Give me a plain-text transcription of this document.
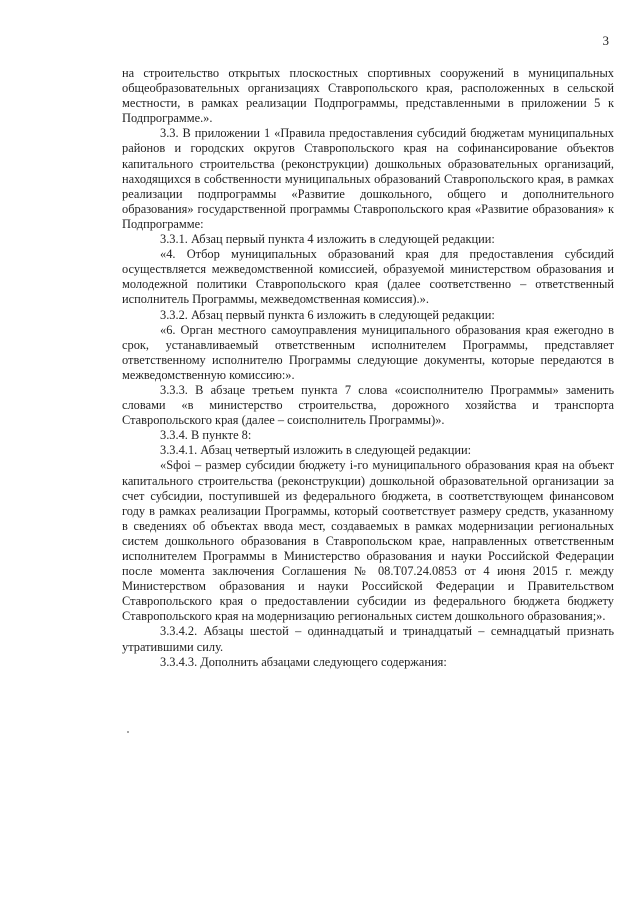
3

на строительство открытых плоскостных спортивных сооружений в муниципальных общеобразовательных организациях Ставропольского края, расположенных в сельской местности, в рамках реализации Подпрограммы, представленными в приложении 5 к Подпрограмме.».

3.3. В приложении 1 «Правила предоставления субсидий бюджетам муниципальных районов и городских округов Ставропольского края на софинансирование объектов капитального строительства (реконструкции) дошкольных образовательных организаций, находящихся в собственности муниципальных образований Ставропольского края, в рамках реализации подпрограммы «Развитие дошкольного, общего и дополнительного образования» государственной программы Ставропольского края «Развитие образования» к Подпрограмме:

3.3.1. Абзац первый пункта 4 изложить в следующей редакции:

«4. Отбор муниципальных образований края для предоставления субсидий осуществляется межведомственной комиссией, образуемой министерством образования и молодежной политики Ставропольского края (далее соответственно – ответственный исполнитель Программы, межведомственная комиссия).».

3.3.2. Абзац первый пункта 6 изложить в следующей редакции:

«6. Орган местного самоуправления муниципального образования края ежегодно в срок, устанавливаемый ответственным исполнителем Программы, представляет ответственному исполнителю Программы следующие документы, которые передаются в межведомственную комиссию:».

3.3.3. В абзаце третьем пункта 7 слова «соисполнителю Программы» заменить словами «в министерство строительства, дорожного хозяйства и транспорта Ставропольского края (далее – соисполнитель Программы)».

3.3.4. В пункте 8:

3.3.4.1. Абзац четвертый изложить в следующей редакции:

«Sфоi – размер субсидии бюджету i-го муниципального образования края на объект капитального строительства (реконструкции) дошкольной образовательной организации за счет субсидии, поступившей из федерального бюджета, в соответствующем финансовом году в рамках реализации Программы, который соответствует размеру средств, указанному в сведениях об объектах ввода мест, создаваемых в рамках модернизации региональных систем дошкольного образования в Ставропольском крае, направленных ответственным исполнителем Программы в Министерство образования и науки Российской Федерации после момента заключения Соглашения № 08.Т07.24.0853 от 4 июня 2015 г. между Министерством образования и науки Российской Федерации и Правительством Ставропольского края о предоставлении субсидии из федерального бюджета бюджету Ставропольского края на модернизацию региональных систем дошкольного образования;».

3.3.4.2. Абзацы шестой – одиннадцатый и тринадцатый – семнадцатый признать утратившими силу.

3.3.4.3. Дополнить абзацами следующего содержания:
